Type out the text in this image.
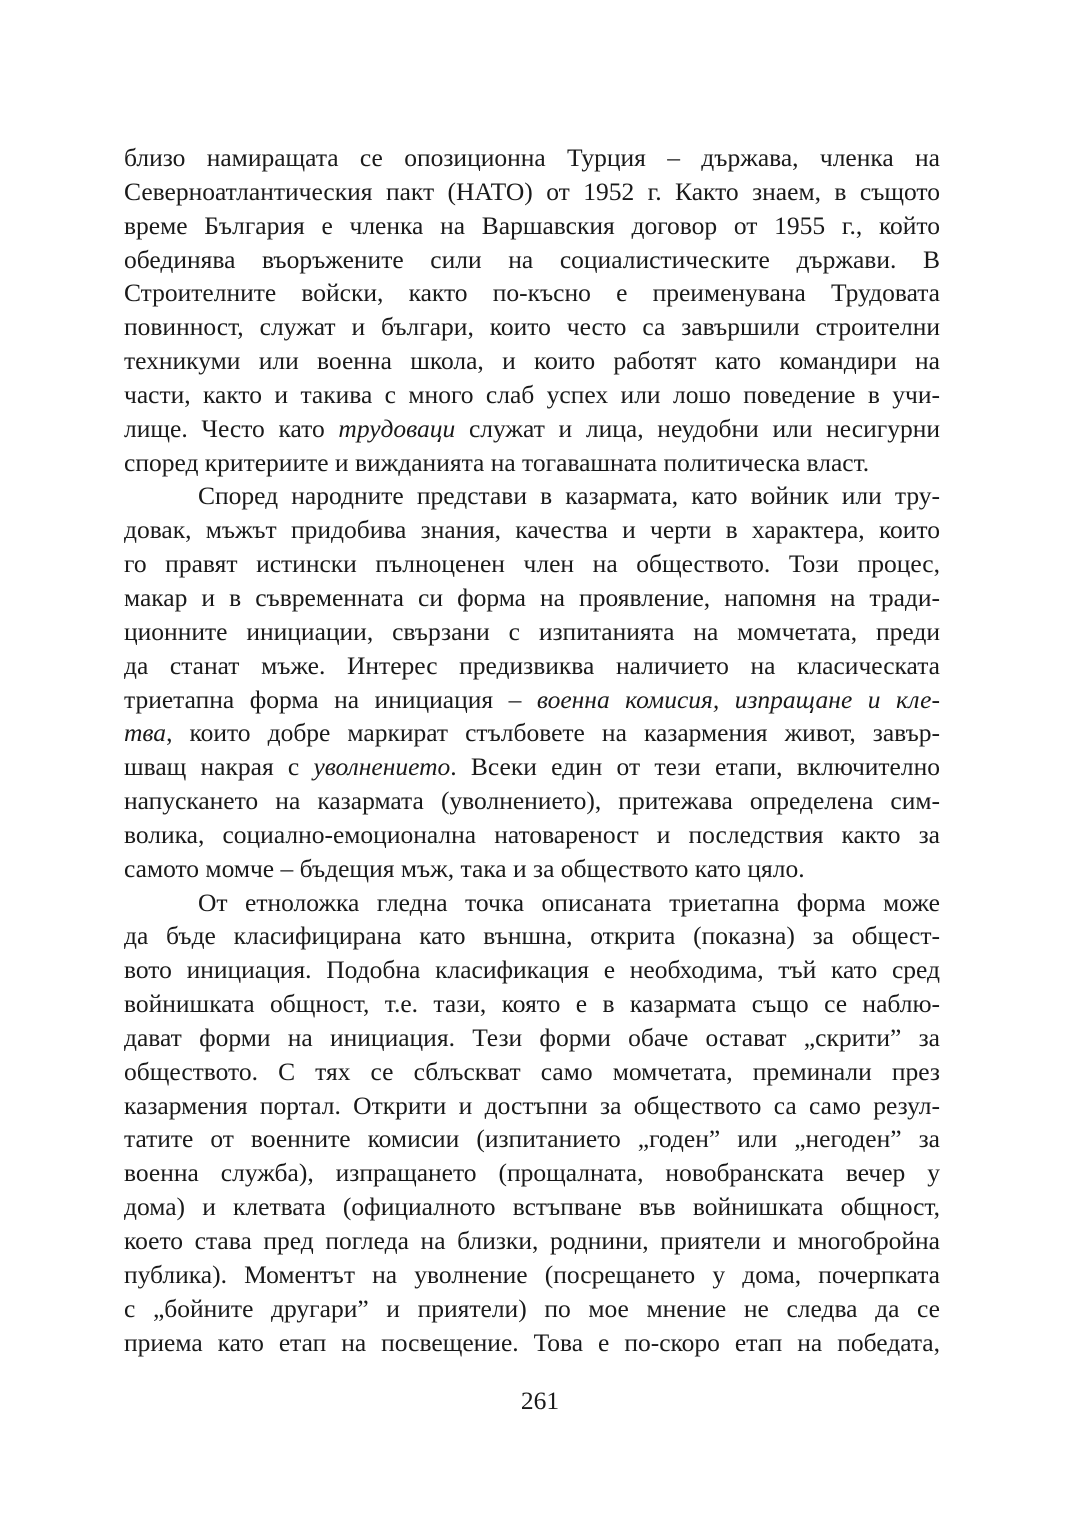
близо намиращата се опозиционна Турция – държава, членка на
Северноатлантическия пакт (НАТО) от 1952 г. Както знаем, в същото
време България е членка на Варшавския договор от 1955 г., който
обединява въоръжените сили на социалистическите държави. В
Строителните войски, както по-късно е преименувана Трудовата
повинност, служат и българи, които често са завършили строителни
техникуми или военна школа, и които работят като командири на
части, както и такива с много слаб успех или лошо поведение в учи-
лище. Често като трудоваци служат и лица, неудобни или несигурни
според критериите и вижданията на тогавашната политическа власт.
Според народните представи в казармата, като войник или тру-
довак, мъжът придобива знания, качества и черти в характера, които
го правят истински пълноценен член на обществото. Този процес,
макар и в съвременната си форма на проявление, напомня на тради-
ционните инициации, свързани с изпитанията на момчетата, преди
да станат мъже. Интерес предизвиква наличието на класическата
триетапна форма на инициация – военна комисия, изпращане и кле-
тва, които добре маркират стълбовете на казармения живот, завър-
шващ накрая с уволнението. Всеки един от тези етапи, включително
напускането на казармата (уволнението), притежава определена сим-
волика, социално-емоционална натовареност и последствия както за
самото момче – бъдещия мъж, така и за обществото като цяло.
От етноложка гледна точка описаната триетапна форма може
да бъде класифицирана като външна, открита (показна) за общест-
вото инициация. Подобна класификация е необходима, тъй като сред
войнишката общност, т.е. тази, която е в казармата също се наблю-
дават форми на инициация. Тези форми обаче остават „скрити” за
обществото. С тях се сблъскват само момчетата, преминали през
казармения портал. Открити и достъпни за обществото са само резул-
татите от военните комисии (изпитанието „годен” или „негоден” за
военна служба), изпращането (прощалната, новобранската вечер у
дома) и клетвата (официалното встъпване във войнишката общност,
което става пред погледа на близки, роднини, приятели и многобройна
публика). Моментът на уволнение (посрещането у дома, почерпката
с „бойните другари” и приятели) по мое мнение не следва да се
приема като етап на посвещение. Това е по-скоро етап на победата,
261
